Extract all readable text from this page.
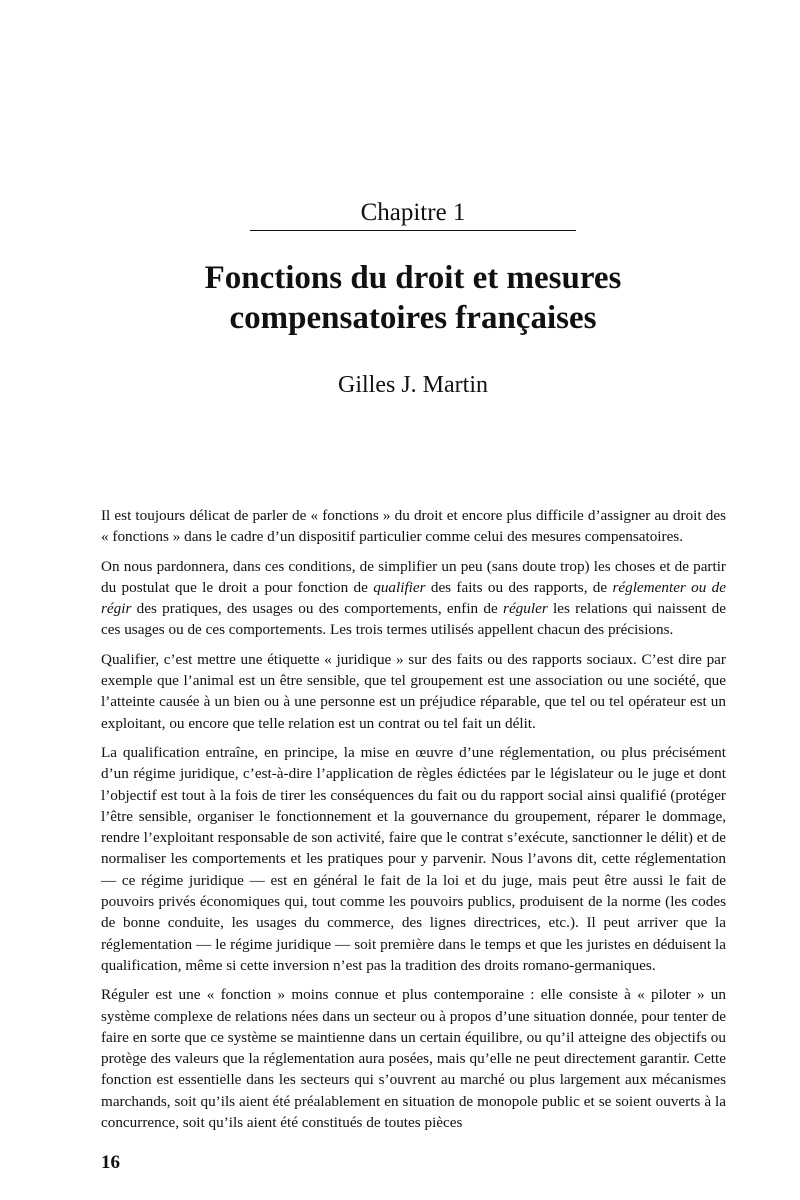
Chapitre 1
Fonctions du droit et mesures
compensatoires françaises
Gilles J. Martin

Il est toujours délicat de parler de « fonctions » du droit et encore plus difficile d’assigner au droit des « fonctions » dans le cadre d’un dispositif particulier comme celui des mesures compensatoires.

On nous pardonnera, dans ces conditions, de simplifier un peu (sans doute trop) les choses et de partir du postulat que le droit a pour fonction de qualifier des faits ou des rapports, de réglementer ou de régir des pratiques, des usages ou des comportements, enfin de réguler les relations qui naissent de ces usages ou de ces comportements. Les trois termes utilisés appellent chacun des précisions.

Qualifier, c’est mettre une étiquette « juridique » sur des faits ou des rapports sociaux. C’est dire par exemple que l’animal est un être sensible, que tel groupement est une association ou une société, que l’atteinte causée à un bien ou à une personne est un préjudice réparable, que tel ou tel opérateur est un exploitant, ou encore que telle relation est un contrat ou tel fait un délit.

La qualification entraîne, en principe, la mise en œuvre d’une réglementation, ou plus précisément d’un régime juridique, c’est-à-dire l’application de règles édictées par le législateur ou le juge et dont l’objectif est tout à la fois de tirer les conséquences du fait ou du rapport social ainsi qualifié (protéger l’être sensible, organiser le fonctionnement et la gouvernance du groupement, réparer le dommage, rendre l’exploitant responsable de son activité, faire que le contrat s’exécute, sanctionner le délit) et de normaliser les comportements et les pratiques pour y parvenir. Nous l’avons dit, cette réglementation — ce régime juridique — est en général le fait de la loi et du juge, mais peut être aussi le fait de pouvoirs privés économiques qui, tout comme les pouvoirs publics, produisent de la norme (les codes de bonne conduite, les usages du commerce, des lignes directrices, etc.). Il peut arriver que la réglementation — le régime juridique — soit première dans le temps et que les juristes en déduisent la qualification, même si cette inversion n’est pas la tradition des droits romano-germaniques.

Réguler est une « fonction » moins connue et plus contemporaine : elle consiste à « piloter » un système complexe de relations nées dans un secteur ou à propos d’une situation donnée, pour tenter de faire en sorte que ce système se maintienne dans un certain équilibre, ou qu’il atteigne des objectifs ou protège des valeurs que la réglementation aura posées, mais qu’elle ne peut directement garantir. Cette fonction est essentielle dans les secteurs qui s’ouvrent au marché ou plus largement aux mécanismes marchands, soit qu’ils aient été préalablement en situation de monopole public et se soient ouverts à la concurrence, soit qu’ils aient été constitués de toutes pièces

16
